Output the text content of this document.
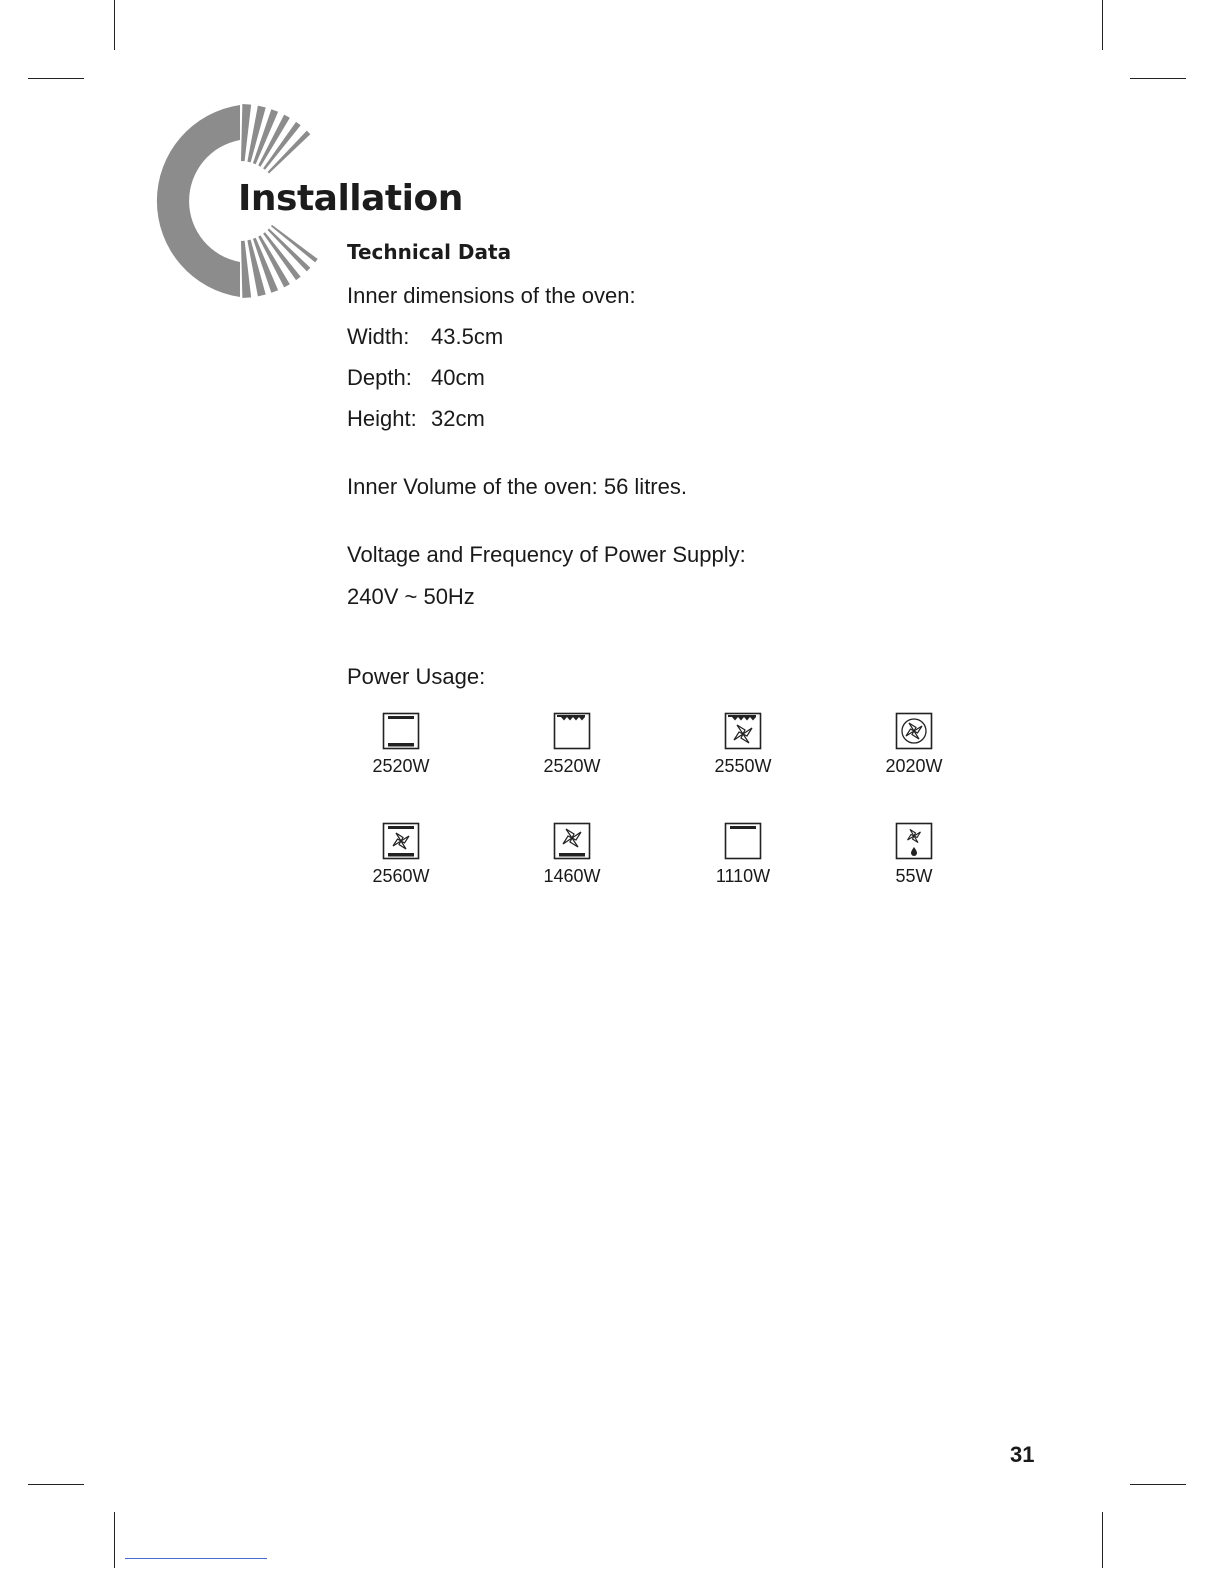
Installation
Technical Data
Inner dimensions of the oven:
Width: 43.5cm
Depth: 40cm
Height: 32cm
Inner Volume of the oven: 56 litres.
Voltage and Frequency of Power Supply:
240V ~ 50Hz
Power Usage:
2520W	2520W	2550W	2020W
2560W	1460W	1110W	55W
31
